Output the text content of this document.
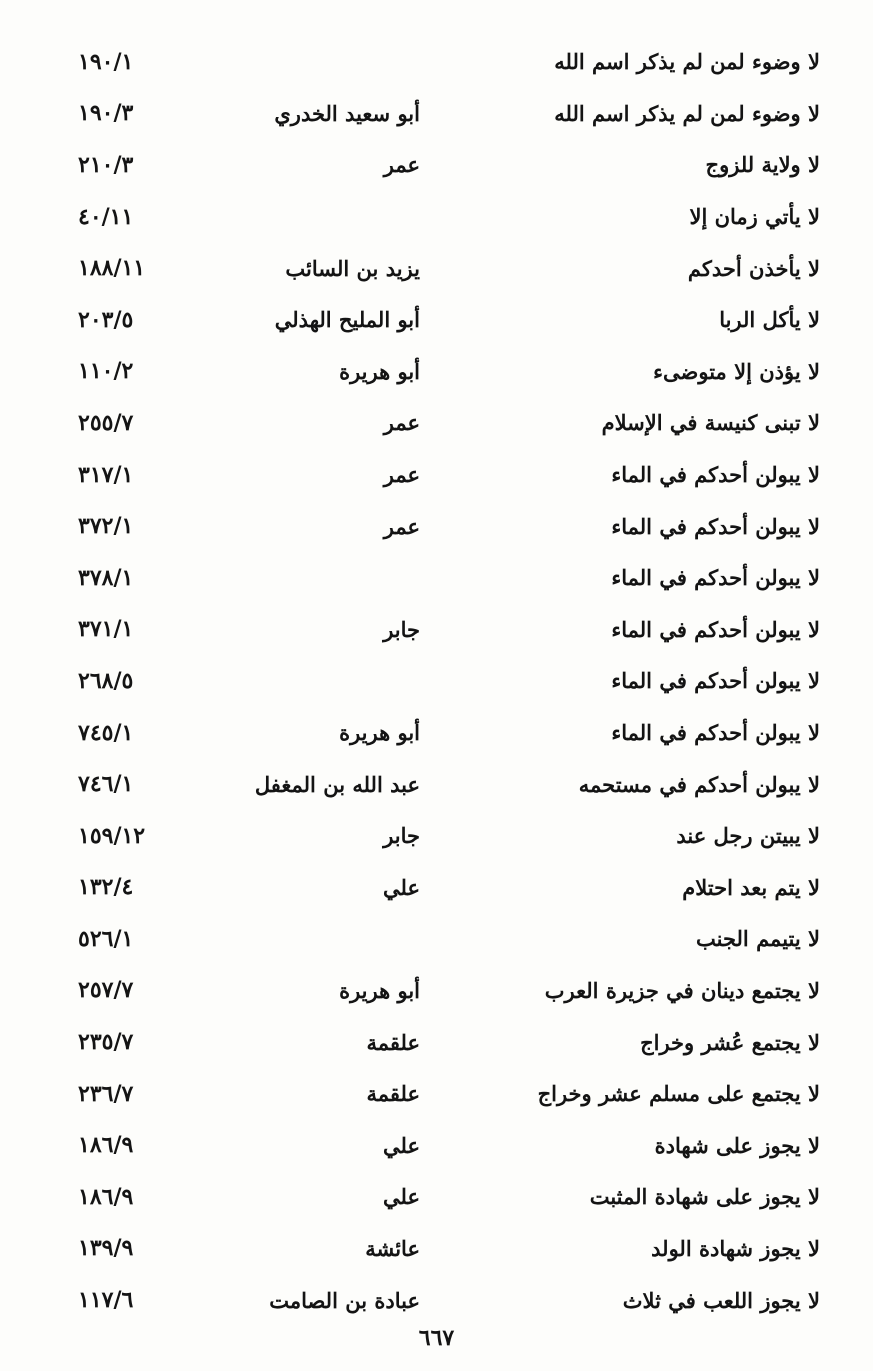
لا وضوء لمن لم يذكر اسم الله
١٩٠/١
لا وضوء لمن لم يذكر اسم الله
أبو سعيد الخدري
١٩٠/٣
لا ولاية للزوج
عمر
٢١٠/٣
لا يأتي زمان إلا
٤٠/١١
لا يأخذن أحدكم
يزيد بن السائب
١٨٨/١١
لا يأكل الربا
أبو المليح الهذلي
٢٠٣/٥
لا يؤذن إلا متوضىء
أبو هريرة
١١٠/٢
لا تبنى كنيسة في الإسلام
عمر
٢٥٥/٧
لا يبولن أحدكم في الماء
عمر
٣١٧/١
لا يبولن أحدكم في الماء
عمر
٣٧٢/١
لا يبولن أحدكم في الماء
٣٧٨/١
لا يبولن أحدكم في الماء
جابر
٣٧١/١
لا يبولن أحدكم في الماء
٢٦٨/٥
لا يبولن أحدكم في الماء
أبو هريرة
٧٤٥/١
لا يبولن أحدكم في مستحمه
عبد الله بن المغفل
٧٤٦/١
لا يبيتن رجل عند
جابر
١٥٩/١٢
لا يتم بعد احتلام
علي
١٣٢/٤
لا يتيمم الجنب
٥٢٦/١
لا يجتمع دينان في جزيرة العرب
أبو هريرة
٢٥٧/٧
لا يجتمع عُشر وخراج
علقمة
٢٣٥/٧
لا يجتمع على مسلم عشر وخراج
علقمة
٢٣٦/٧
لا يجوز على شهادة
علي
١٨٦/٩
لا يجوز على شهادة المثبت
علي
١٨٦/٩
لا يجوز شهادة الولد
عائشة
١٣٩/٩
لا يجوز اللعب في ثلاث
عبادة بن الصامت
١١٧/٦
٦٦٧
